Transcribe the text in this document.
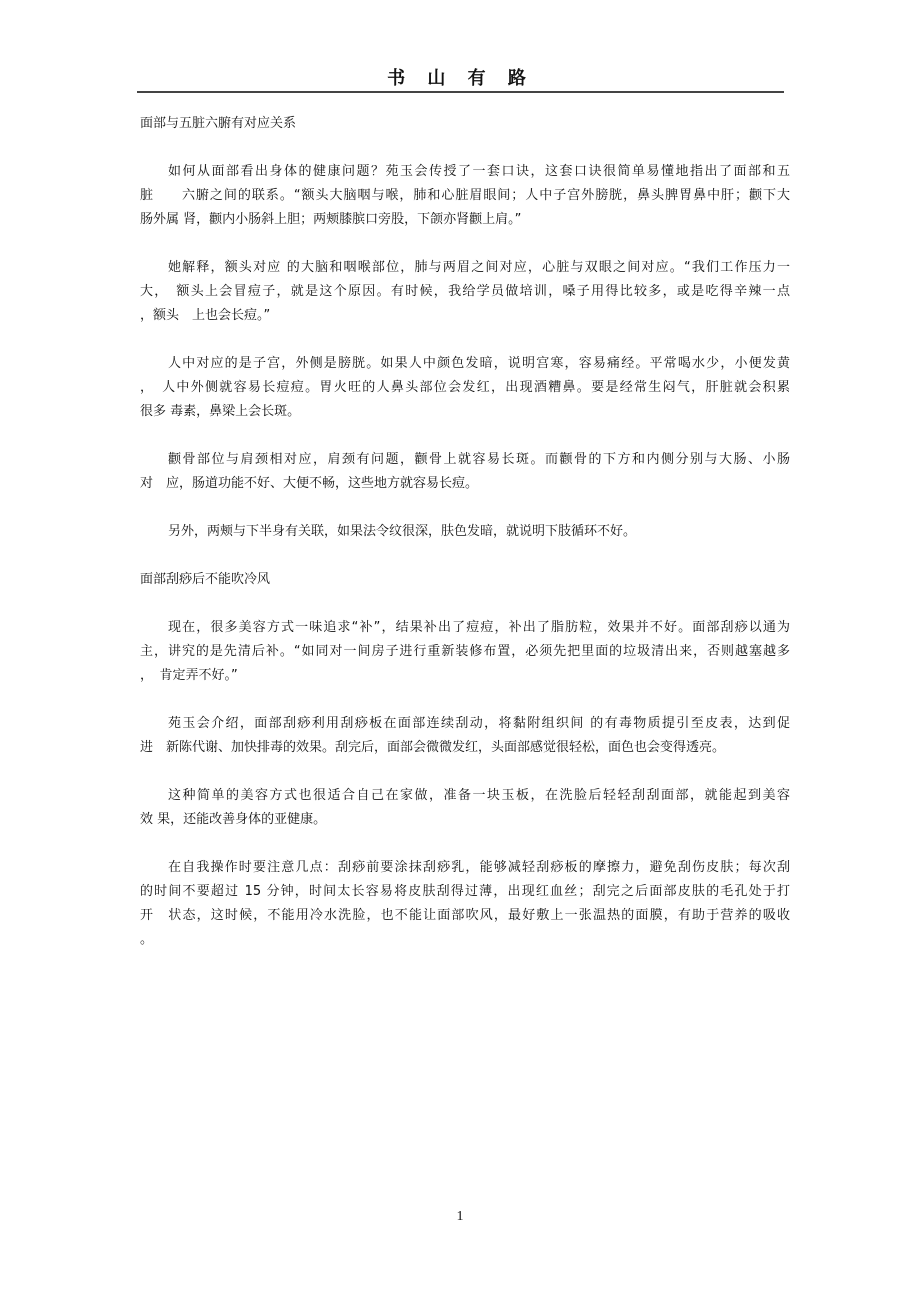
书 山 有 路
面部与五脏六腑有对应关系
如何从面部看出身体的健康问题？苑玉会传授了一套口诀，这套口诀很简单易懂地指出了面部和五
脏　　六腑之间的联系。“额头大脑咽与喉，肺和心脏眉眼间；人中子宫外膀胱，鼻头脾胃鼻中肝；颧下大
肠外属 肾，颧内小肠斜上胆；两颊膝膑口旁股，下颌亦肾颧上肩。”
她解释，额头对应 的大脑和咽喉部位，肺与两眉之间对应，心脏与双眼之间对应。“我们工作压力一
大，　额头上会冒痘子，就是这个原因。有时候，我给学员做培训，嗓子用得比较多，或是吃得辛辣一点
，额头　上也会长痘。”
人中对应的是子宫，外侧是膀胱。如果人中颜色发暗，说明宫寒，容易痛经。平常喝水少，小便发黄
，　人中外侧就容易长痘痘。胃火旺的人鼻头部位会发红，出现酒糟鼻。要是经常生闷气，肝脏就会积累
很多 毒素，鼻梁上会长斑。
颧骨部位与肩颈相对应，肩颈有问题，颧骨上就容易长斑。而颧骨的下方和内侧分别与大肠、小肠
对　应，肠道功能不好、大便不畅，这些地方就容易长痘。
另外，两颊与下半身有关联，如果法令纹很深，肤色发暗，就说明下肢循环不好。
面部刮痧后不能吹冷风
现在，很多美容方式一味追求“补”，结果补出了痘痘，补出了脂肪粒，效果并不好。面部刮痧以通为
主，讲究的是先清后补。“如同对一间房子进行重新装修布置，必须先把里面的垃圾清出来，否则越塞越多
，　肯定弄不好。”
苑玉会介绍，面部刮痧利用刮痧板在面部连续刮动，将黏附组织间 的有毒物质提引至皮表，达到促
进　新陈代谢、加快排毒的效果。刮完后，面部会微微发红，头面部感觉很轻松，面色也会变得透亮。
这种简单的美容方式也很适合自己在家做，准备一块玉板，在洗脸后轻轻刮刮面部，就能起到美容
效 果，还能改善身体的亚健康。
在自我操作时要注意几点：刮痧前要涂抹刮痧乳，能够减轻刮痧板的摩擦力，避免刮伤皮肤；每次刮
的时间不要超过 15 分钟，时间太长容易将皮肤刮得过薄，出现红血丝；刮完之后面部皮肤的毛孔处于打
开　状态，这时候，不能用冷水洗脸，也不能让面部吹风，最好敷上一张温热的面膜，有助于营养的吸收
。
1
